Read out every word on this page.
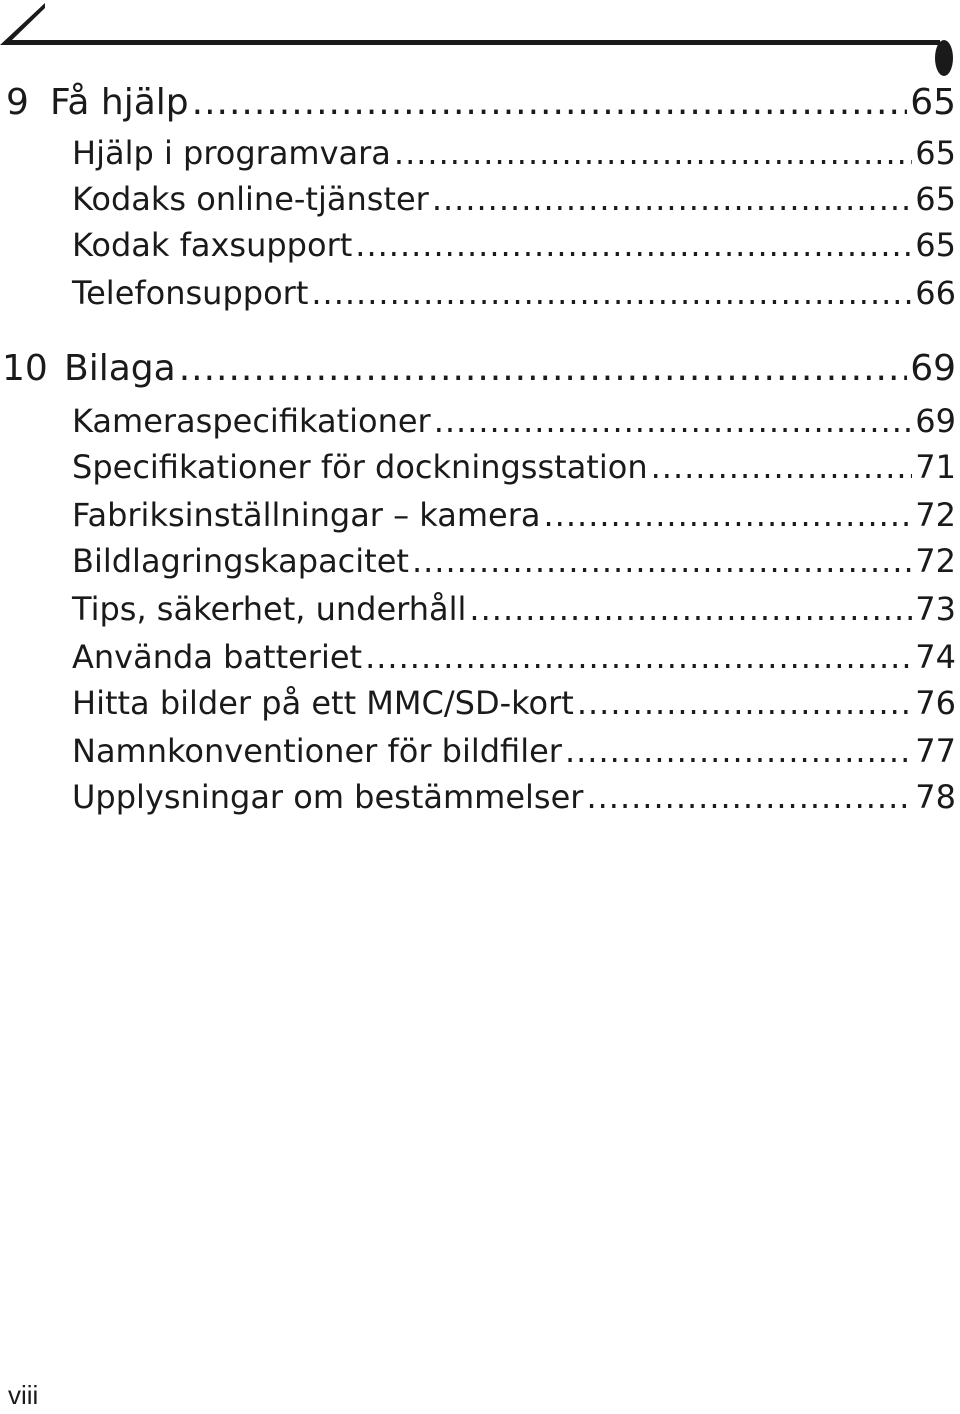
9 Få hjälp .....	65
Hjälp i programvara .....	65
Kodaks online-tjänster .....	65
Kodak faxsupport .....	65
Telefonsupport .....	66
10 Bilaga .....	69
Kameraspecifikationer .....	69
Specifikationer för dockningsstation .....	71
Fabriksinställningar – kamera .....	72
Bildlagringskapacitet .....	72
Tips, säkerhet, underhåll .....	73
Använda batteriet .....	74
Hitta bilder på ett MMC/SD-kort .....	76
Namnkonventioner för bildfiler .....	77
Upplysningar om bestämmelser .....	78
viii
